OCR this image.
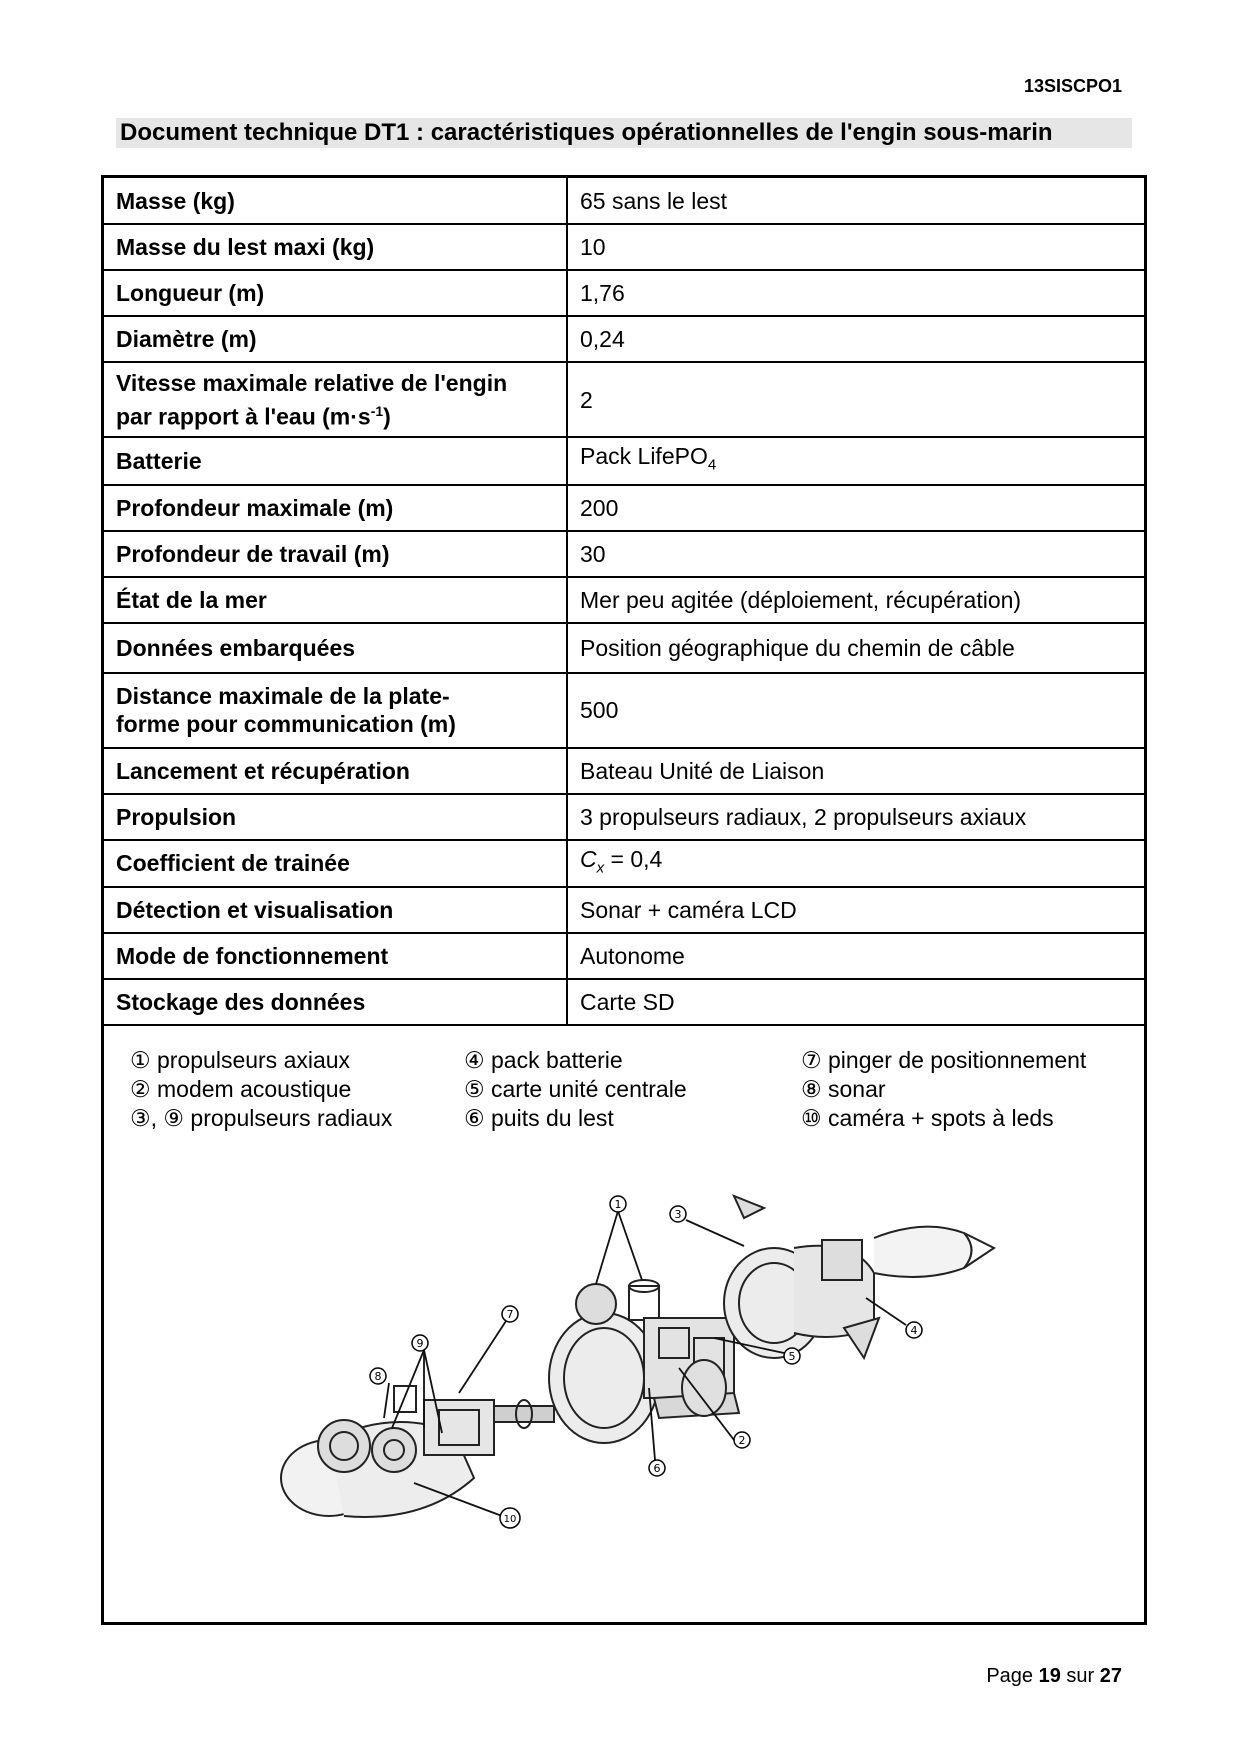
13SISCPO1
Document technique DT1 : caractéristiques opérationnelles de l'engin sous-marin
Masse (kg)	65 sans le lest
Masse du lest maxi (kg)	10
Longueur (m)	1,76
Diamètre (m)	0,24
Vitesse maximale relative de l'engin
par rapport à l'eau $(m\cdot s^{-1})$	2
Batterie	Pack LifePO$_4$
Profondeur maximale (m)	200
Profondeur de travail (m)	30
État de la mer	Mer peu agitée (déploiement, récupération)
Données embarquées	Position géographique du chemin de câble
Distance maximale de la plate-
forme pour communication (m)	500
Lancement et récupération	Bateau Unité de Liaison
Propulsion	3 propulseurs radiaux, 2 propulseurs axiaux
Coefficient de trainée	$C_x = 0,4$
Détection et visualisation	Sonar + caméra LCD
Mode de fonctionnement	Autonome
Stockage des données	Carte SD
① propulseurs axiaux
② modem acoustique
③, ⑨ propulseurs radiaux
④ pack batterie
⑤ carte unité centrale
⑥ puits du lest
⑦ pinger de positionnement
⑧ sonar
⑩ caméra + spots à leds
1
2
3
4
5
6
7
8
9
10
Page 19 sur 27
